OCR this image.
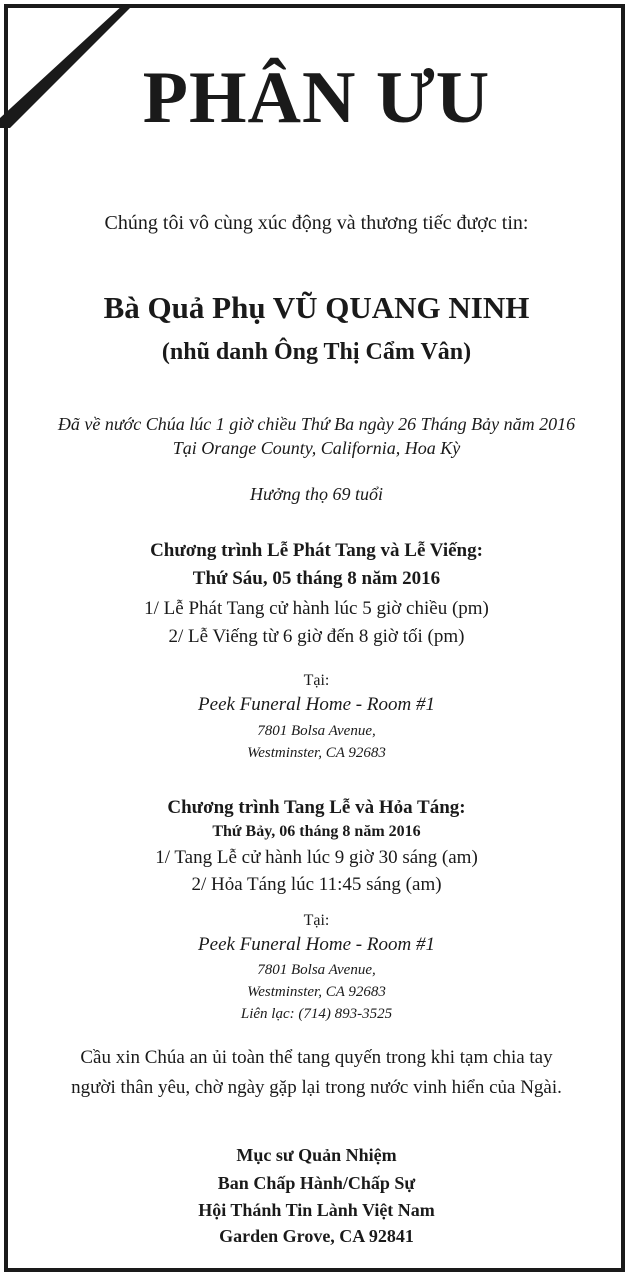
PHÂN ƯU
Chúng tôi vô cùng xúc động và thương tiếc được tin:
Bà Quả Phụ VŨ QUANG NINH
(nhũ danh Ông Thị Cẩm Vân)
Đã về nước Chúa lúc 1 giờ chiều Thứ Ba ngày 26 Tháng Bảy năm 2016
Tại Orange County, California, Hoa Kỳ
Hưởng thọ 69 tuổi
Chương trình Lễ Phát Tang và Lễ Viếng:
Thứ Sáu, 05 tháng 8 năm 2016
1/ Lễ Phát Tang cử hành lúc 5 giờ chiều (pm)
2/ Lễ Viếng từ 6 giờ đến 8 giờ tối (pm)
Tại:
Peek Funeral Home - Room #1
7801 Bolsa Avenue,
Westminster, CA 92683
Chương trình Tang Lễ và Hỏa Táng:
Thứ Bảy, 06 tháng 8 năm 2016
1/ Tang Lễ cử hành lúc 9 giờ 30 sáng (am)
2/ Hỏa Táng lúc 11:45 sáng (am)
Tại:
Peek Funeral Home - Room #1
7801 Bolsa Avenue,
Westminster, CA 92683
Liên lạc: (714) 893-3525
Cầu xin Chúa an ủi toàn thể tang quyến trong khi tạm chia tay
người thân yêu, chờ ngày gặp lại trong nước vinh hiển của Ngài.
Mục sư Quản Nhiệm
Ban Chấp Hành/Chấp Sự
Hội Thánh Tin Lành Việt Nam
Garden Grove, CA 92841
